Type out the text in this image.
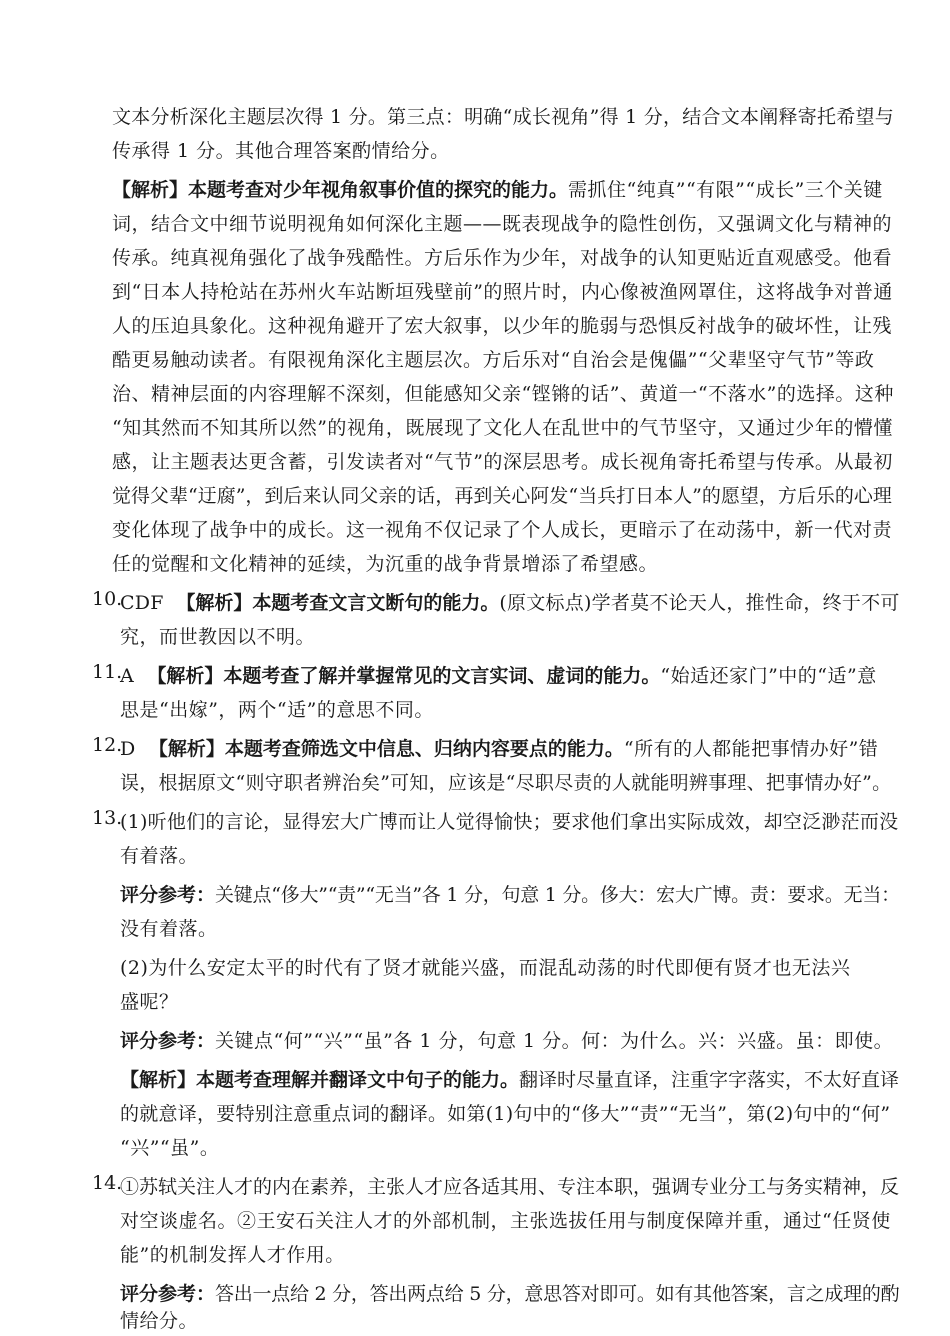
文本分析深化主题层次得 1 分。第三点：明确“成长视角”得 1 分，结合文本阐释寄托希望与
传承得 1 分。其他合理答案酌情给分。
【解析】本题考查对少年视角叙事价值的探究的能力。需抓住“纯真”“有限”“成长”三个关键
词，结合文中细节说明视角如何深化主题——既表现战争的隐性创伤，又强调文化与精神的
传承。纯真视角强化了战争残酷性。方后乐作为少年，对战争的认知更贴近直观感受。他看
到“日本人持枪站在苏州火车站断垣残壁前”的照片时，内心像被渔网罩住，这将战争对普通
人的压迫具象化。这种视角避开了宏大叙事，以少年的脆弱与恐惧反衬战争的破坏性，让残
酷更易触动读者。有限视角深化主题层次。方后乐对“自治会是傀儡”“父辈坚守气节”等政
治、精神层面的内容理解不深刻，但能感知父亲“铿锵的话”、黄道一“不落水”的选择。这种
“知其然而不知其所以然”的视角，既展现了文化人在乱世中的气节坚守，又通过少年的懵懂
感，让主题表达更含蓄，引发读者对“气节”的深层思考。成长视角寄托希望与传承。从最初
觉得父辈“迂腐”，到后来认同父亲的话，再到关心阿发“当兵打日本人”的愿望，方后乐的心理
变化体现了战争中的成长。这一视角不仅记录了个人成长，更暗示了在动荡中，新一代对责
任的觉醒和文化精神的延续，为沉重的战争背景增添了希望感。
10.
CDF 【解析】本题考查文言文断句的能力。(原文标点)学者莫不论天人，推性命，终于不可
究，而世教因以不明。
11.
A 【解析】本题考查了解并掌握常见的文言实词、虚词的能力。“始适还家门”中的“适”意
思是“出嫁”，两个“适”的意思不同。
12.
D 【解析】本题考查筛选文中信息、归纳内容要点的能力。“所有的人都能把事情办好”错
误，根据原文“则守职者辨治矣”可知，应该是“尽职尽责的人就能明辨事理、把事情办好”。
13.
(1)听他们的言论，显得宏大广博而让人觉得愉快；要求他们拿出实际成效，却空泛渺茫而没
有着落。
评分参考：关键点“侈大”“责”“无当”各 1 分，句意 1 分。侈大：宏大广博。责：要求。无当：
没有着落。
(2)为什么安定太平的时代有了贤才就能兴盛，而混乱动荡的时代即便有贤才也无法兴
盛呢？
评分参考：关键点“何”“兴”“虽”各 1 分，句意 1 分。何：为什么。兴：兴盛。虽：即使。
【解析】本题考查理解并翻译文中句子的能力。翻译时尽量直译，注重字字落实，不太好直译
的就意译，要特别注意重点词的翻译。如第(1)句中的“侈大”“责”“无当”，第(2)句中的“何”
“兴”“虽”。
14.
①苏轼关注人才的内在素养，主张人才应各适其用、专注本职，强调专业分工与务实精神，反
对空谈虚名。②王安石关注人才的外部机制，主张选拔任用与制度保障并重，通过“任贤使
能”的机制发挥人才作用。
评分参考：答出一点给 2 分，答出两点给 5 分，意思答对即可。如有其他答案，言之成理的酌
情给分。
